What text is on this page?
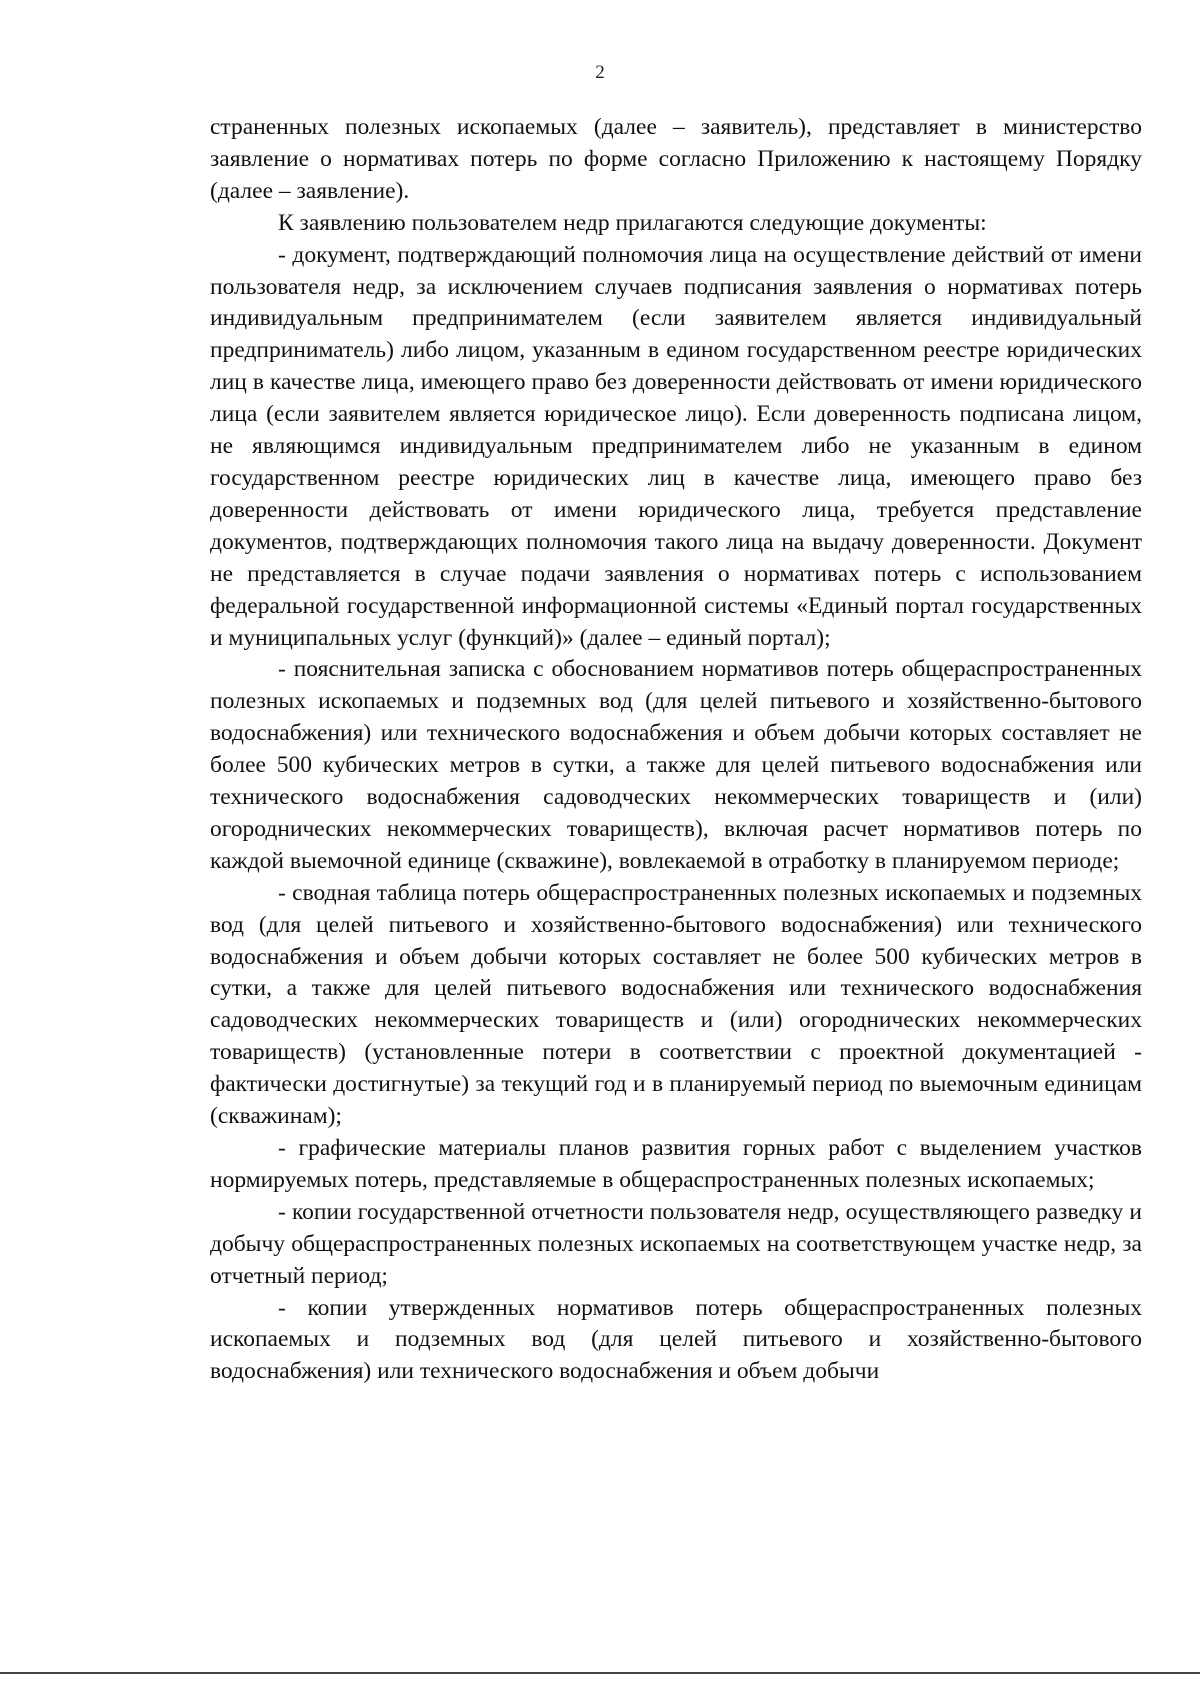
2

страненных полезных ископаемых (далее – заявитель), представляет в министерство заявление о нормативах потерь по форме согласно Приложению к настоящему Порядку (далее – заявление).

К заявлению пользователем недр прилагаются следующие документы:

- документ, подтверждающий полномочия лица на осуществление действий от имени пользователя недр, за исключением случаев подписания заявления о нормативах потерь индивидуальным предпринимателем (если заявителем является индивидуальный предприниматель) либо лицом, указанным в едином государственном реестре юридических лиц в качестве лица, имеющего право без доверенности действовать от имени юридического лица (если заявителем является юридическое лицо). Если доверенность подписана лицом, не являющимся индивидуальным предпринимателем либо не указанным в едином государственном реестре юридических лиц в качестве лица, имеющего право без доверенности действовать от имени юридического лица, требуется представление документов, подтверждающих полномочия такого лица на выдачу доверенности. Документ не представляется в случае подачи заявления о нормативах потерь с использованием федеральной государственной информационной системы «Единый портал государственных и муниципальных услуг (функций)» (далее – единый портал);

- пояснительная записка с обоснованием нормативов потерь общераспространенных полезных ископаемых и подземных вод (для целей питьевого и хозяйственно-бытового водоснабжения) или технического водоснабжения и объем добычи которых составляет не более 500 кубических метров в сутки, а также для целей питьевого водоснабжения или технического водоснабжения садоводческих некоммерческих товариществ и (или) огороднических некоммерческих товариществ), включая расчет нормативов потерь по каждой выемочной единице (скважине), вовлекаемой в отработку в планируемом периоде;

- сводная таблица потерь общераспространенных полезных ископаемых и подземных вод (для целей питьевого и хозяйственно-бытового водоснабжения) или технического водоснабжения и объем добычи которых составляет не более 500 кубических метров в сутки, а также для целей питьевого водоснабжения или технического водоснабжения садоводческих некоммерческих товариществ и (или) огороднических некоммерческих товариществ) (установленные потери в соответствии с проектной документацией - фактически достигнутые) за текущий год и в планируемый период по выемочным единицам (скважинам);

- графические материалы планов развития горных работ с выделением участков нормируемых потерь, представляемые в общераспространенных полезных ископаемых;

- копии государственной отчетности пользователя недр, осуществляющего разведку и добычу общераспространенных полезных ископаемых на соответствующем участке недр, за отчетный период;

- копии утвержденных нормативов потерь общераспространенных полезных ископаемых и подземных вод (для целей питьевого и хозяйственно-бытового водоснабжения) или технического водоснабжения и объем добычи
